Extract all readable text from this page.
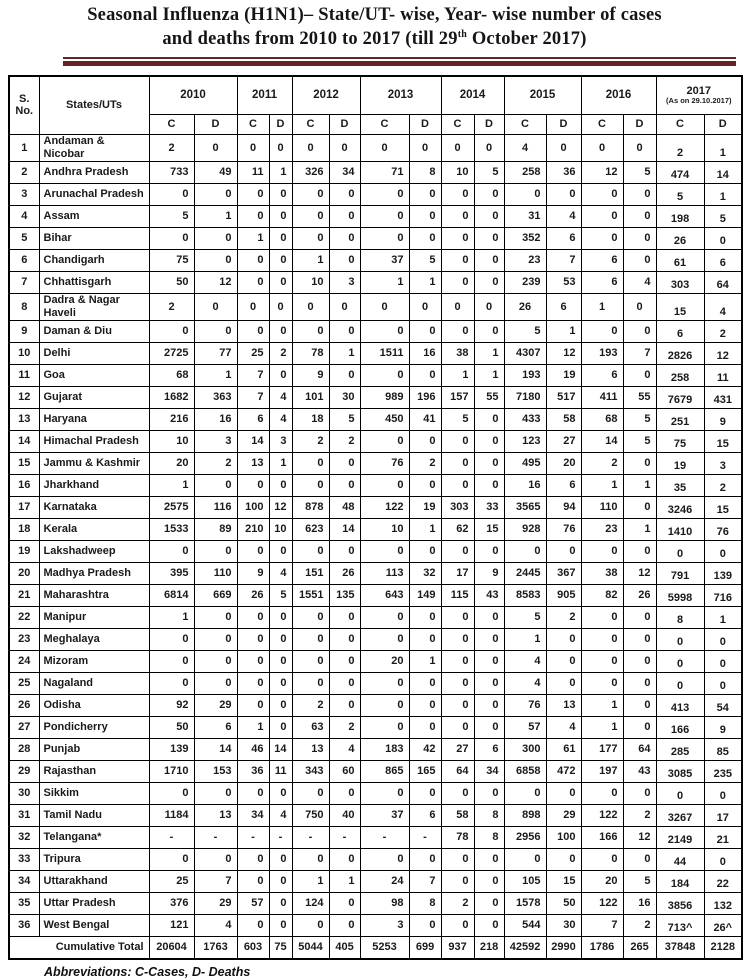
Seasonal Influenza (H1N1)– State/UT- wise, Year- wise number of cases
and deaths from 2010 to 2017 (till 29th October 2017)
S. No.	States/UTs	2010		2011		2012		2013		2014		2015		2016		2017
(As on 29.10.2017)	

		C	D	C	D	C	D	C	D	C	D	C	D	C	D	C	D
1	Andaman & Nicobar	2	0	0	0	0	0	0	0	0	0	4	0	0	0	2	1
2	Andhra Pradesh	733	49	11	1	326	34	71	8	10	5	258	36	12	5	474	14
3	Arunachal Pradesh	0	0	0	0	0	0	0	0	0	0	0	0	0	0	5	1
4	Assam	5	1	0	0	0	0	0	0	0	0	31	4	0	0	198	5
5	Bihar	0	0	1	0	0	0	0	0	0	0	352	6	0	0	26	0
6	Chandigarh	75	0	0	0	1	0	37	5	0	0	23	7	6	0	61	6
7	Chhattisgarh	50	12	0	0	10	3	1	1	0	0	239	53	6	4	303	64
8	Dadra & Nagar Haveli	2	0	0	0	0	0	0	0	0	0	26	6	1	0	15	4
9	Daman & Diu	0	0	0	0	0	0	0	0	0	0	5	1	0	0	6	2
10	Delhi	2725	77	25	2	78	1	1511	16	38	1	4307	12	193	7	2826	12
11	Goa	68	1	7	0	9	0	0	0	1	1	193	19	6	0	258	11
12	Gujarat	1682	363	7	4	101	30	989	196	157	55	7180	517	411	55	7679	431
13	Haryana	216	16	6	4	18	5	450	41	5	0	433	58	68	5	251	9
14	Himachal Pradesh	10	3	14	3	2	2	0	0	0	0	123	27	14	5	75	15
15	Jammu & Kashmir	20	2	13	1	0	0	76	2	0	0	495	20	2	0	19	3
16	Jharkhand	1	0	0	0	0	0	0	0	0	0	16	6	1	1	35	2
17	Karnataka	2575	116	100	12	878	48	122	19	303	33	3565	94	110	0	3246	15
18	Kerala	1533	89	210	10	623	14	10	1	62	15	928	76	23	1	1410	76
19	Lakshadweep	0	0	0	0	0	0	0	0	0	0	0	0	0	0	0	0
20	Madhya Pradesh	395	110	9	4	151	26	113	32	17	9	2445	367	38	12	791	139
21	Maharashtra	6814	669	26	5	1551	135	643	149	115	43	8583	905	82	26	5998	716
22	Manipur	1	0	0	0	0	0	0	0	0	0	5	2	0	0	8	1
23	Meghalaya	0	0	0	0	0	0	0	0	0	0	1	0	0	0	0	0
24	Mizoram	0	0	0	0	0	0	20	1	0	0	4	0	0	0	0	0
25	Nagaland	0	0	0	0	0	0	0	0	0	0	4	0	0	0	0	0
26	Odisha	92	29	0	0	2	0	0	0	0	0	76	13	1	0	413	54
27	Pondicherry	50	6	1	0	63	2	0	0	0	0	57	4	1	0	166	9
28	Punjab	139	14	46	14	13	4	183	42	27	6	300	61	177	64	285	85
29	Rajasthan	1710	153	36	11	343	60	865	165	64	34	6858	472	197	43	3085	235
30	Sikkim	0	0	0	0	0	0	0	0	0	0	0	0	0	0	0	0
31	Tamil Nadu	1184	13	34	4	750	40	37	6	58	8	898	29	122	2	3267	17
32	Telangana*	-	-	-	-	-	-	-	-	78	8	2956	100	166	12	2149	21
33	Tripura	0	0	0	0	0	0	0	0	0	0	0	0	0	0	44	0
34	Uttarakhand	25	7	0	0	1	1	24	7	0	0	105	15	20	5	184	22
35	Uttar Pradesh	376	29	57	0	124	0	98	8	2	0	1578	50	122	16	3856	132
36	West Bengal	121	4	0	0	0	0	3	0	0	0	544	30	7	2	713^	26^
Cumulative Total		20604	1763	603	75	5044	405	5253	699	937	218	42592	2990	1786	265	37848	2128
Abbreviations: C-Cases, D- Deaths
